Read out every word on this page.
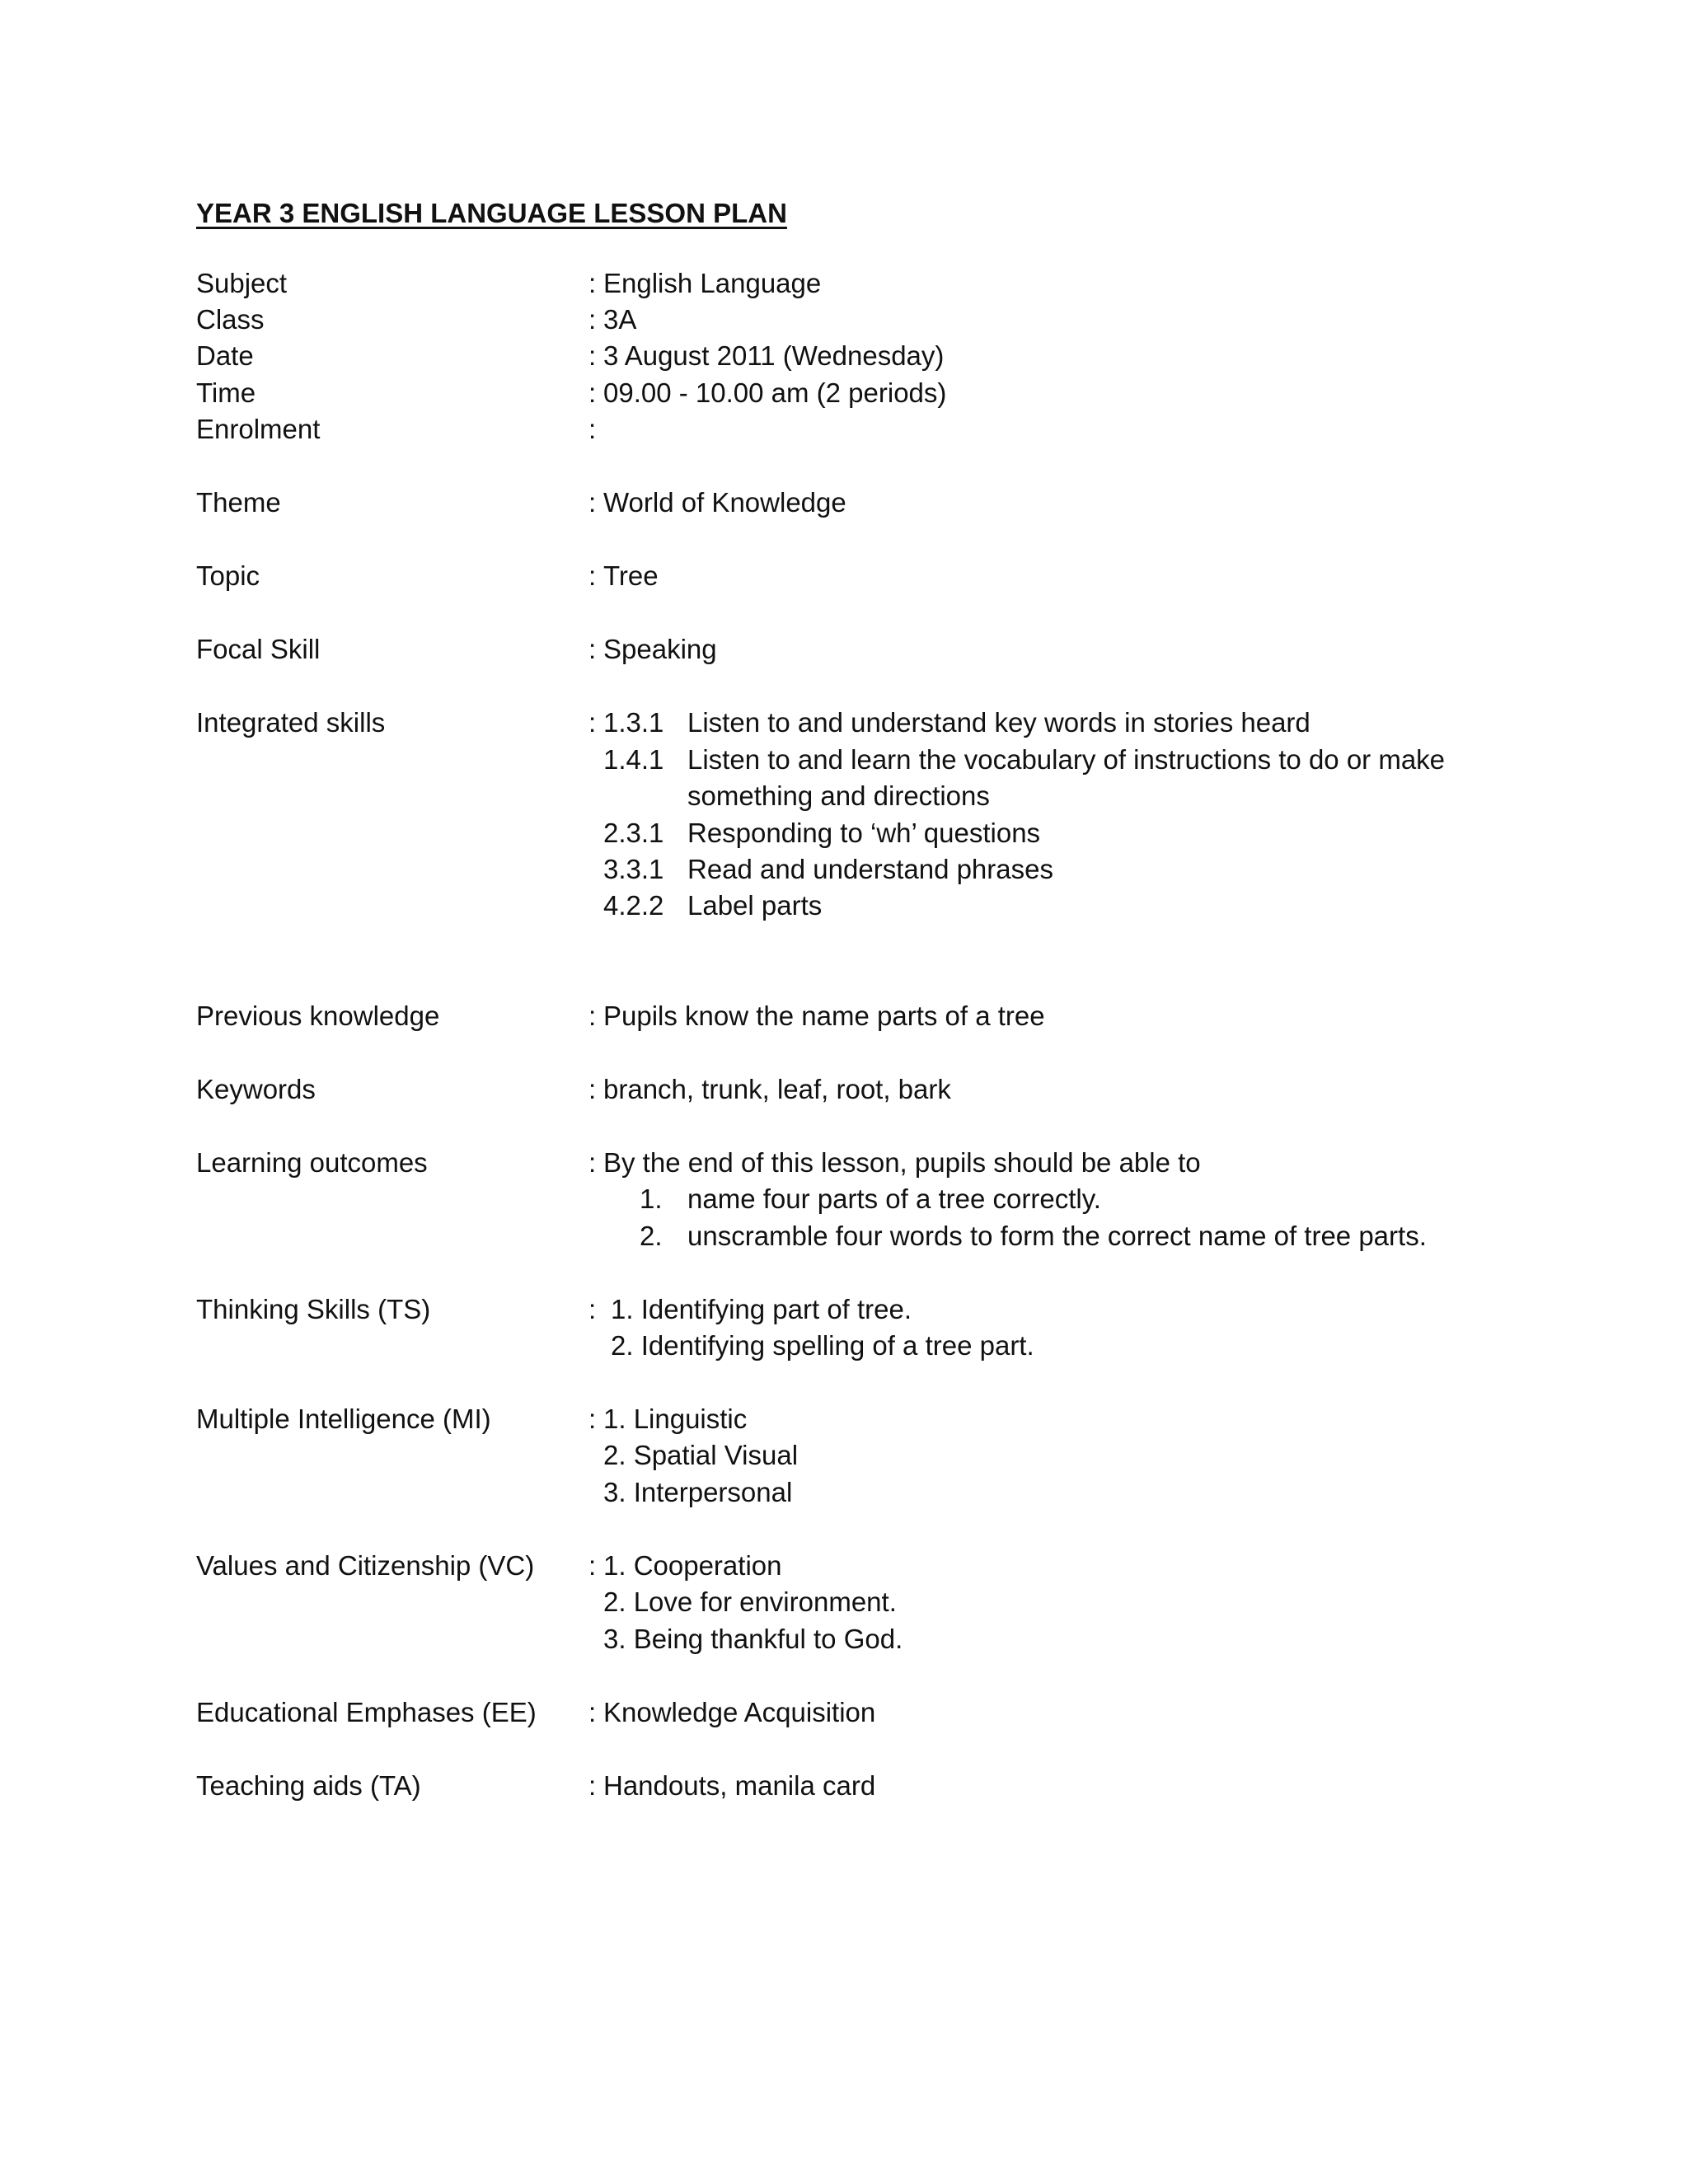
YEAR 3 ENGLISH LANGUAGE LESSON PLAN
Subject	: English Language
Class	: 3A
Date	: 3 August 2011 (Wednesday)
Time	: 09.00 - 10.00 am (2 periods)
Enrolment	:
Theme	: World of Knowledge
Topic	: Tree
Focal Skill	: Speaking
Integrated skills	: 1.3.1 Listen to and understand key words in stories heard
1.4.1 Listen to and learn the vocabulary of instructions to do or make
something and directions
2.3.1 Responding to ‘wh’ questions
3.3.1 Read and understand phrases
4.2.2 Label parts
Previous knowledge	: Pupils know the name parts of a tree
Keywords	: branch, trunk, leaf, root, bark
Learning outcomes	: By the end of this lesson, pupils should be able to
1. name four parts of a tree correctly.
2. unscramble four words to form the correct name of tree parts.
Thinking Skills (TS)	: 1. Identifying part of tree.
2. Identifying spelling of a tree part.
Multiple Intelligence (MI)	: 1. Linguistic
2. Spatial Visual
3. Interpersonal
Values and Citizenship (VC) : 1. Cooperation
2. Love for environment.
3. Being thankful to God.
Educational Emphases (EE) : Knowledge Acquisition
Teaching aids (TA)	: Handouts, manila card
